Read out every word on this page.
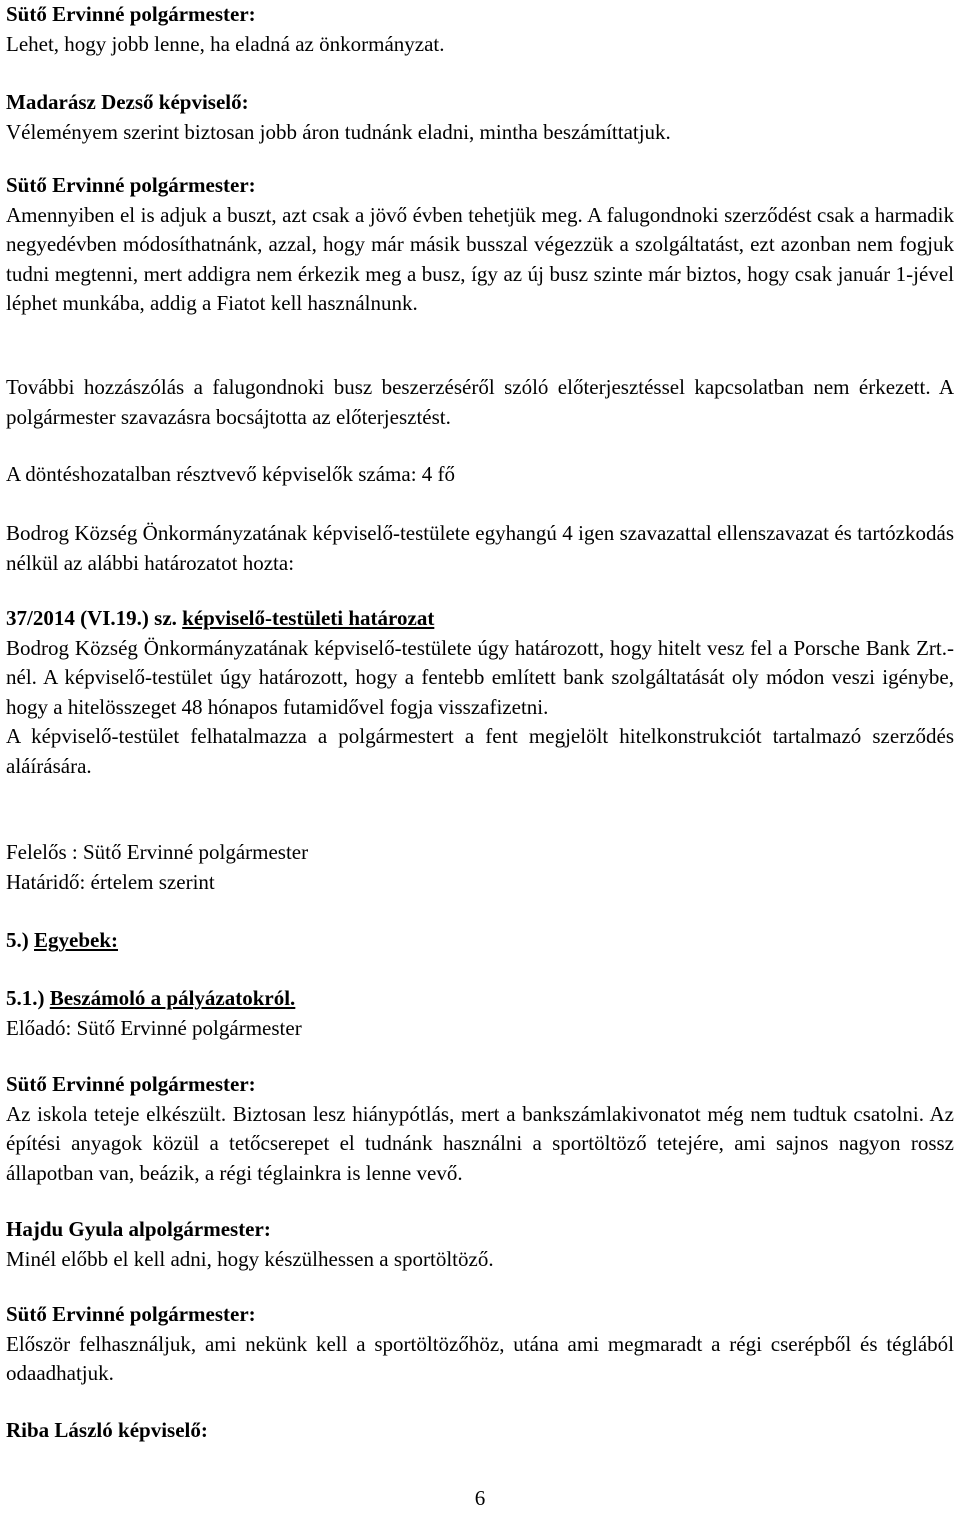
Sütő Ervinné polgármester:

Lehet, hogy jobb lenne, ha eladná az önkormányzat.

Madarász Dezső képviselő:

Véleményem szerint biztosan jobb áron tudnánk eladni, mintha beszámíttatjuk.

Sütő Ervinné polgármester:

Amennyiben el is adjuk a buszt, azt csak a jövő évben tehetjük meg. A falugondnoki szerződést csak a harmadik negyedévben módosíthatnánk, azzal, hogy már másik busszal végezzük a szolgáltatást, ezt azonban nem fogjuk tudni megtenni, mert addigra nem érkezik meg a busz, így az új busz szinte már biztos, hogy csak január 1-jével léphet munkába, addig a Fiatot kell használnunk.

További hozzászólás a falugondnoki busz beszerzéséről szóló előterjesztéssel kapcsolatban nem érkezett. A polgármester szavazásra bocsájtotta az előterjesztést.

A döntéshozatalban résztvevő képviselők száma: 4 fő

Bodrog Község Önkormányzatának képviselő-testülete egyhangú 4 igen szavazattal ellenszavazat és tartózkodás nélkül az alábbi határozatot hozta:

37/2014 (VI.19.) sz. képviselő-testületi határozat

Bodrog Község Önkormányzatának képviselő-testülete úgy határozott, hogy hitelt vesz fel a Porsche Bank Zrt.-nél. A képviselő-testület úgy határozott, hogy a fentebb említett bank szolgáltatását oly módon veszi igénybe, hogy a hitelösszeget 48 hónapos futamidővel fogja visszafizetni.

A képviselő-testület felhatalmazza a polgármestert a fent megjelölt hitelkonstrukciót tartalmazó szerződés aláírására.

Felelős : Sütő Ervinné polgármester

Határidő: értelem szerint

5.) Egyebek:

5.1.) Beszámoló a pályázatokról.

Előadó: Sütő Ervinné polgármester

Sütő Ervinné polgármester:

Az iskola teteje elkészült. Biztosan lesz hiánypótlás, mert a bankszámlakivonatot még nem tudtuk csatolni. Az építési anyagok közül a tetőcserepet el tudnánk használni a sportöltöző tetejére, ami sajnos nagyon rossz állapotban van, beázik, a régi téglainkra is lenne vevő.

Hajdu Gyula alpolgármester:

Minél előbb el kell adni, hogy készülhessen a sportöltöző.

Sütő Ervinné polgármester:

Először felhasználjuk, ami nekünk kell a sportöltözőhöz, utána ami megmaradt a régi cserépből és téglából odaadhatjuk.

Riba László képviselő:

6
